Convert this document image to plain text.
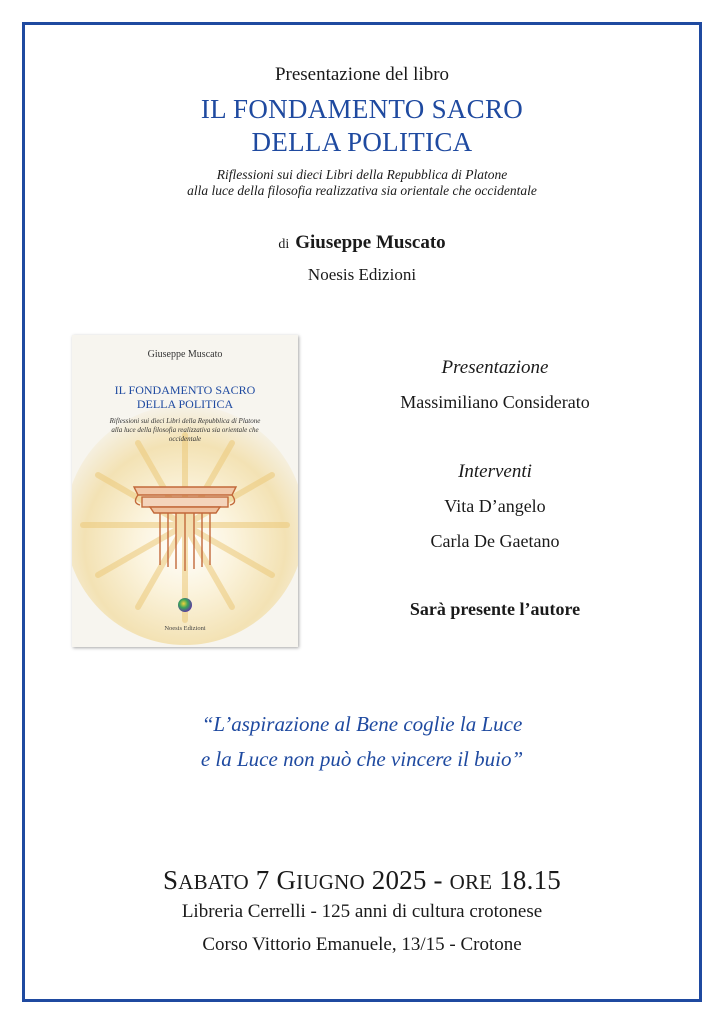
Presentazione del libro
IL FONDAMENTO SACRO
DELLA POLITICA
Riflessioni sui dieci Libri della Repubblica di Platone
alla luce della filosofia realizzativa sia orientale che occidentale
di Giuseppe Muscato
Noesis Edizioni
Giuseppe Muscato
IL FONDAMENTO SACRO
DELLA POLITICA
Riflessioni sui dieci Libri della Repubblica di Platone
alla luce della filosofia realizzativa sia orientale che
occidentale
Noesis Edizioni
Presentazione
Massimiliano Considerato
Interventi
Vita D’angelo
Carla De Gaetano
Sarà presente l’autore
“L’aspirazione al Bene coglie la Luce
e la Luce non può che vincere il buio”
SABATO 7 GIUGNO 2025 - ORE 18.15
Libreria Cerrelli - 125 anni di cultura crotonese
Corso Vittorio Emanuele, 13/15 - Crotone
